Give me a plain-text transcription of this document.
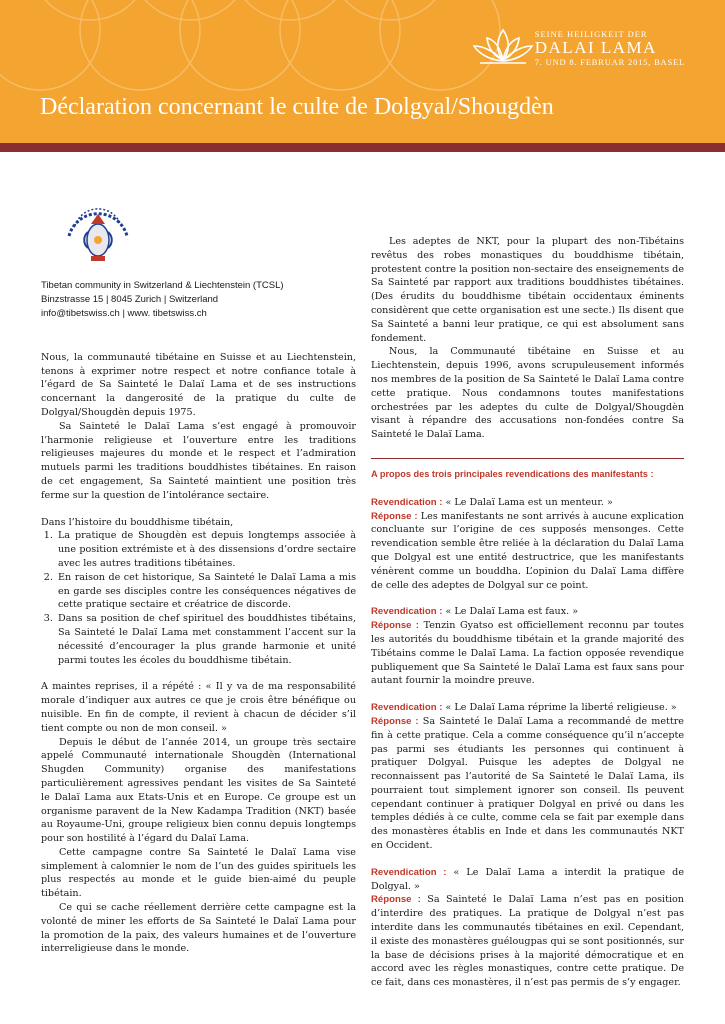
SEINE HEILIGKEIT DER
DALAI LAMA
7. UND 8. FEBRUAR 2015, BASEL
Déclaration concernant le culte de Dolgyal/Shougdèn
Tibetan community in Switzerland & Liechtenstein (TCSL)
Binzstrasse 15 | 8045 Zurich | Switzerland
info@tibetswiss.ch | www. tibetswiss.ch

Nous, la communauté tibétaine en Suisse et au Liechtenstein, tenons à exprimer notre respect et notre confiance totale à l’égard de Sa Sainteté le Dalaï Lama et de ses instructions concernant la dangerosité de la pratique du culte de Dolgyal/Shougdèn depuis 1975.

Sa Sainteté le Dalaï Lama s’est engagé à promouvoir l’harmonie religieuse et l’ouverture entre les traditions religieuses majeures du monde et le respect et l’admiration mutuels parmi les traditions bouddhistes tibétaines. En raison de cet engagement, Sa Sainteté maintient une position très ferme sur la question de l’intolérance sectaire.

Dans l’histoire du bouddhisme tibétain,

1. La pratique de Shougdèn est depuis longtemps associée à une position extrémiste et à des dissensions d’ordre sectaire avec les autres traditions tibétaines.
2. En raison de cet historique, Sa Sainteté le Dalaï Lama a mis en garde ses disciples contre les conséquences négatives de cette pratique sectaire et créatrice de discorde.
3. Dans sa position de chef spirituel des bouddhistes tibétains, Sa Sainteté le Dalaï Lama met constamment l’accent sur la nécessité d’encourager la plus grande harmonie et unité parmi toutes les écoles du bouddhisme tibétain.

A maintes reprises, il a répété : « Il y va de ma responsabilité morale d’indiquer aux autres ce que je crois être bénéfique ou nuisible. En fin de compte, il revient à chacun de décider s’il tient compte ou non de mon conseil. »

Depuis le début de l’année 2014, un groupe très sectaire appelé Communauté internationale Shougdèn (International Shugden Community) organise des manifestations particulièrement agressives pendant les visites de Sa Sainteté le Dalaï Lama aux Etats-Unis et en Europe. Ce groupe est un organisme paravent de la New Kadampa Tradition (NKT) basée au Royaume-Uni, groupe religieux bien connu depuis longtemps pour son hostilité à l’égard du Dalaï Lama.

Cette campagne contre Sa Sainteté le Dalaï Lama vise simplement à calomnier le nom de l’un des guides spirituels les plus respectés au monde et le guide bien-aimé du peuple tibétain.

Ce qui se cache réellement derrière cette campagne est la volonté de miner les efforts de Sa Sainteté le Dalaï Lama pour la promotion de la paix, des valeurs humaines et de l’ouverture interreligieuse dans le monde.

Les adeptes de NKT, pour la plupart des non-Tibétains revêtus des robes monastiques du bouddhisme tibétain, protestent contre la position non-sectaire des enseignements de Sa Sainteté par rapport aux traditions bouddhistes tibétaines. (Des érudits du bouddhisme tibétain occidentaux éminents considèrent que cette organisation est une secte.) Ils disent que Sa Sainteté a banni leur pratique, ce qui est absolument sans fondement.

Nous, la Communauté tibétaine en Suisse et au Liechtenstein, depuis 1996, avons scrupuleusement informés nos membres de la position de Sa Sainteté le Dalaï Lama contre cette pratique. Nous condamnons toutes manifestations orchestrées par les adeptes du culte de Dolgyal/Shougdèn visant à répandre des accusations non-fondées contre Sa Sainteté le Dalaï Lama.

A propos des trois principales revendications des manifestants :

Revendication : « Le Dalaï Lama est un menteur. »

Réponse : Les manifestants ne sont arrivés à aucune explication concluante sur l’origine de ces supposés mensonges. Cette revendication semble être reliée à la déclaration du Dalaï Lama que Dolgyal est une entité destructrice, que les manifestants vénèrent comme un bouddha. L’opinion du Dalaï Lama diffère de celle des adeptes de Dolgyal sur ce point.

Revendication : « Le Dalaï Lama est faux. »

Réponse : Tenzin Gyatso est officiellement reconnu par toutes les autorités du bouddhisme tibétain et la grande majorité des Tibétains comme le Dalaï Lama. La faction opposée revendique publiquement que Sa Sainteté le Dalaï Lama est faux sans pour autant fournir la moindre preuve.

Revendication : « Le Dalaï Lama réprime la liberté religieuse. »

Réponse : Sa Sainteté le Dalaï Lama a recommandé de mettre fin à cette pratique. Cela a comme conséquence qu’il n’accepte pas parmi ses étudiants les personnes qui continuent à pratiquer Dolgyal. Puisque les adeptes de Dolgyal ne reconnaissent pas l’autorité de Sa Sainteté le Dalaï Lama, ils pourraient tout simplement ignorer son conseil. Ils peuvent cependant continuer à pratiquer Dolgyal en privé ou dans les temples dédiés à ce culte, comme cela se fait par exemple dans des monastères établis en Inde et dans les communautés NKT en Occident.

Revendication : « Le Dalaï Lama a interdit la pratique de Dolgyal. »

Réponse : Sa Sainteté le Dalaï Lama n’est pas en position d’interdire des pratiques. La pratique de Dolgyal n’est pas interdite dans les communautés tibétaines en exil. Cependant, il existe des monastères guélougpas qui se sont positionnés, sur la base de décisions prises à la majorité démocratique et en accord avec les règles monastiques, contre cette pratique. De ce fait, dans ces monastères, il n’est pas permis de s’y engager.
